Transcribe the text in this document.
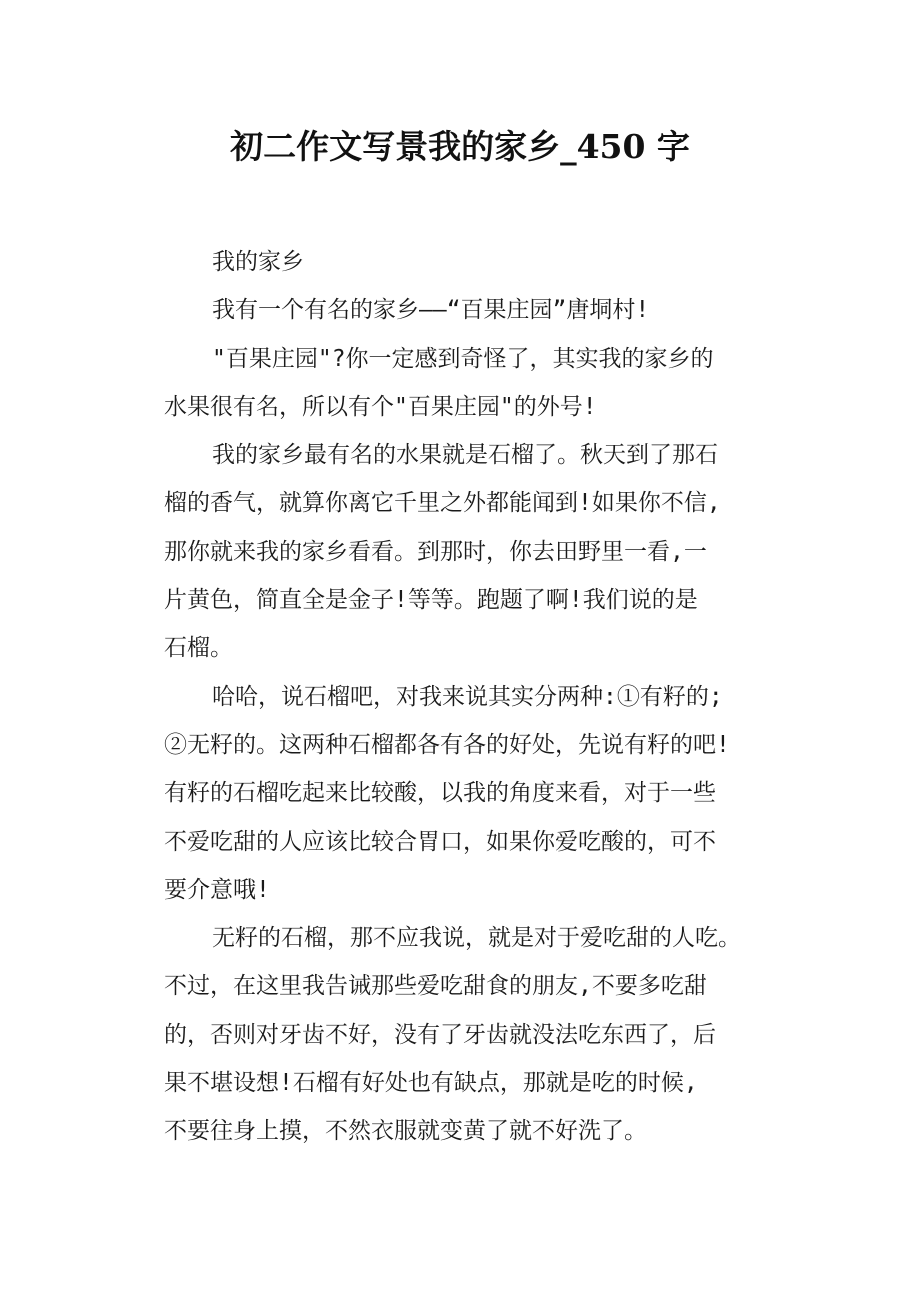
初二作文写景我的家乡_450 字
我的家乡
我有一个有名的家乡——“百果庄园”唐垌村!
"百果庄园"?你一定感到奇怪了，其实我的家乡的
水果很有名，所以有个"百果庄园"的外号!
我的家乡最有名的水果就是石榴了。秋天到了那石
榴的香气，就算你离它千里之外都能闻到!如果你不信,
那你就来我的家乡看看。到那时，你去田野里一看,一
片黄色，简直全是金子!等等。跑题了啊!我们说的是
石榴。
哈哈，说石榴吧，对我来说其实分两种:①有籽的;
②无籽的。这两种石榴都各有各的好处，先说有籽的吧!
有籽的石榴吃起来比较酸，以我的角度来看，对于一些
不爱吃甜的人应该比较合胃口，如果你爱吃酸的，可不
要介意哦!
无籽的石榴，那不应我说，就是对于爱吃甜的人吃。
不过，在这里我告诫那些爱吃甜食的朋友,不要多吃甜
的，否则对牙齿不好，没有了牙齿就没法吃东西了，后
果不堪设想!石榴有好处也有缺点，那就是吃的时候,
不要往身上摸，不然衣服就变黄了就不好洗了。
